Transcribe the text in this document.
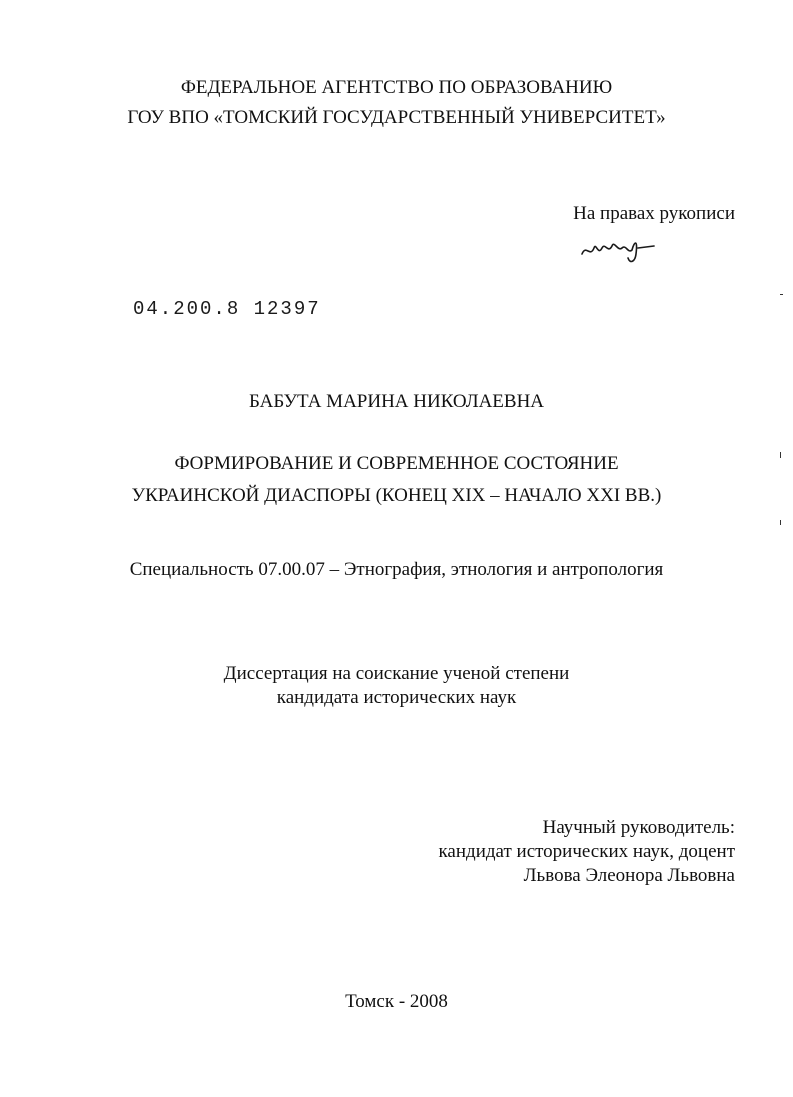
ФЕДЕРАЛЬНОЕ АГЕНТСТВО ПО ОБРАЗОВАНИЮ
ГОУ ВПО «ТОМСКИЙ ГОСУДАРСТВЕННЫЙ УНИВЕРСИТЕТ»
На правах рукописи
04.200.8 12397
БАБУТА МАРИНА НИКОЛАЕВНА
ФОРМИРОВАНИЕ И СОВРЕМЕННОЕ СОСТОЯНИЕ
УКРАИНСКОЙ ДИАСПОРЫ (КОНЕЦ XIX – НАЧАЛО XXI ВВ.)
Специальность 07.00.07 – Этнография, этнология и антропология
Диссертация на соискание ученой степени
кандидата исторических наук
Научный руководитель:
кандидат исторических наук, доцент
Львова Элеонора Львовна
Томск - 2008
